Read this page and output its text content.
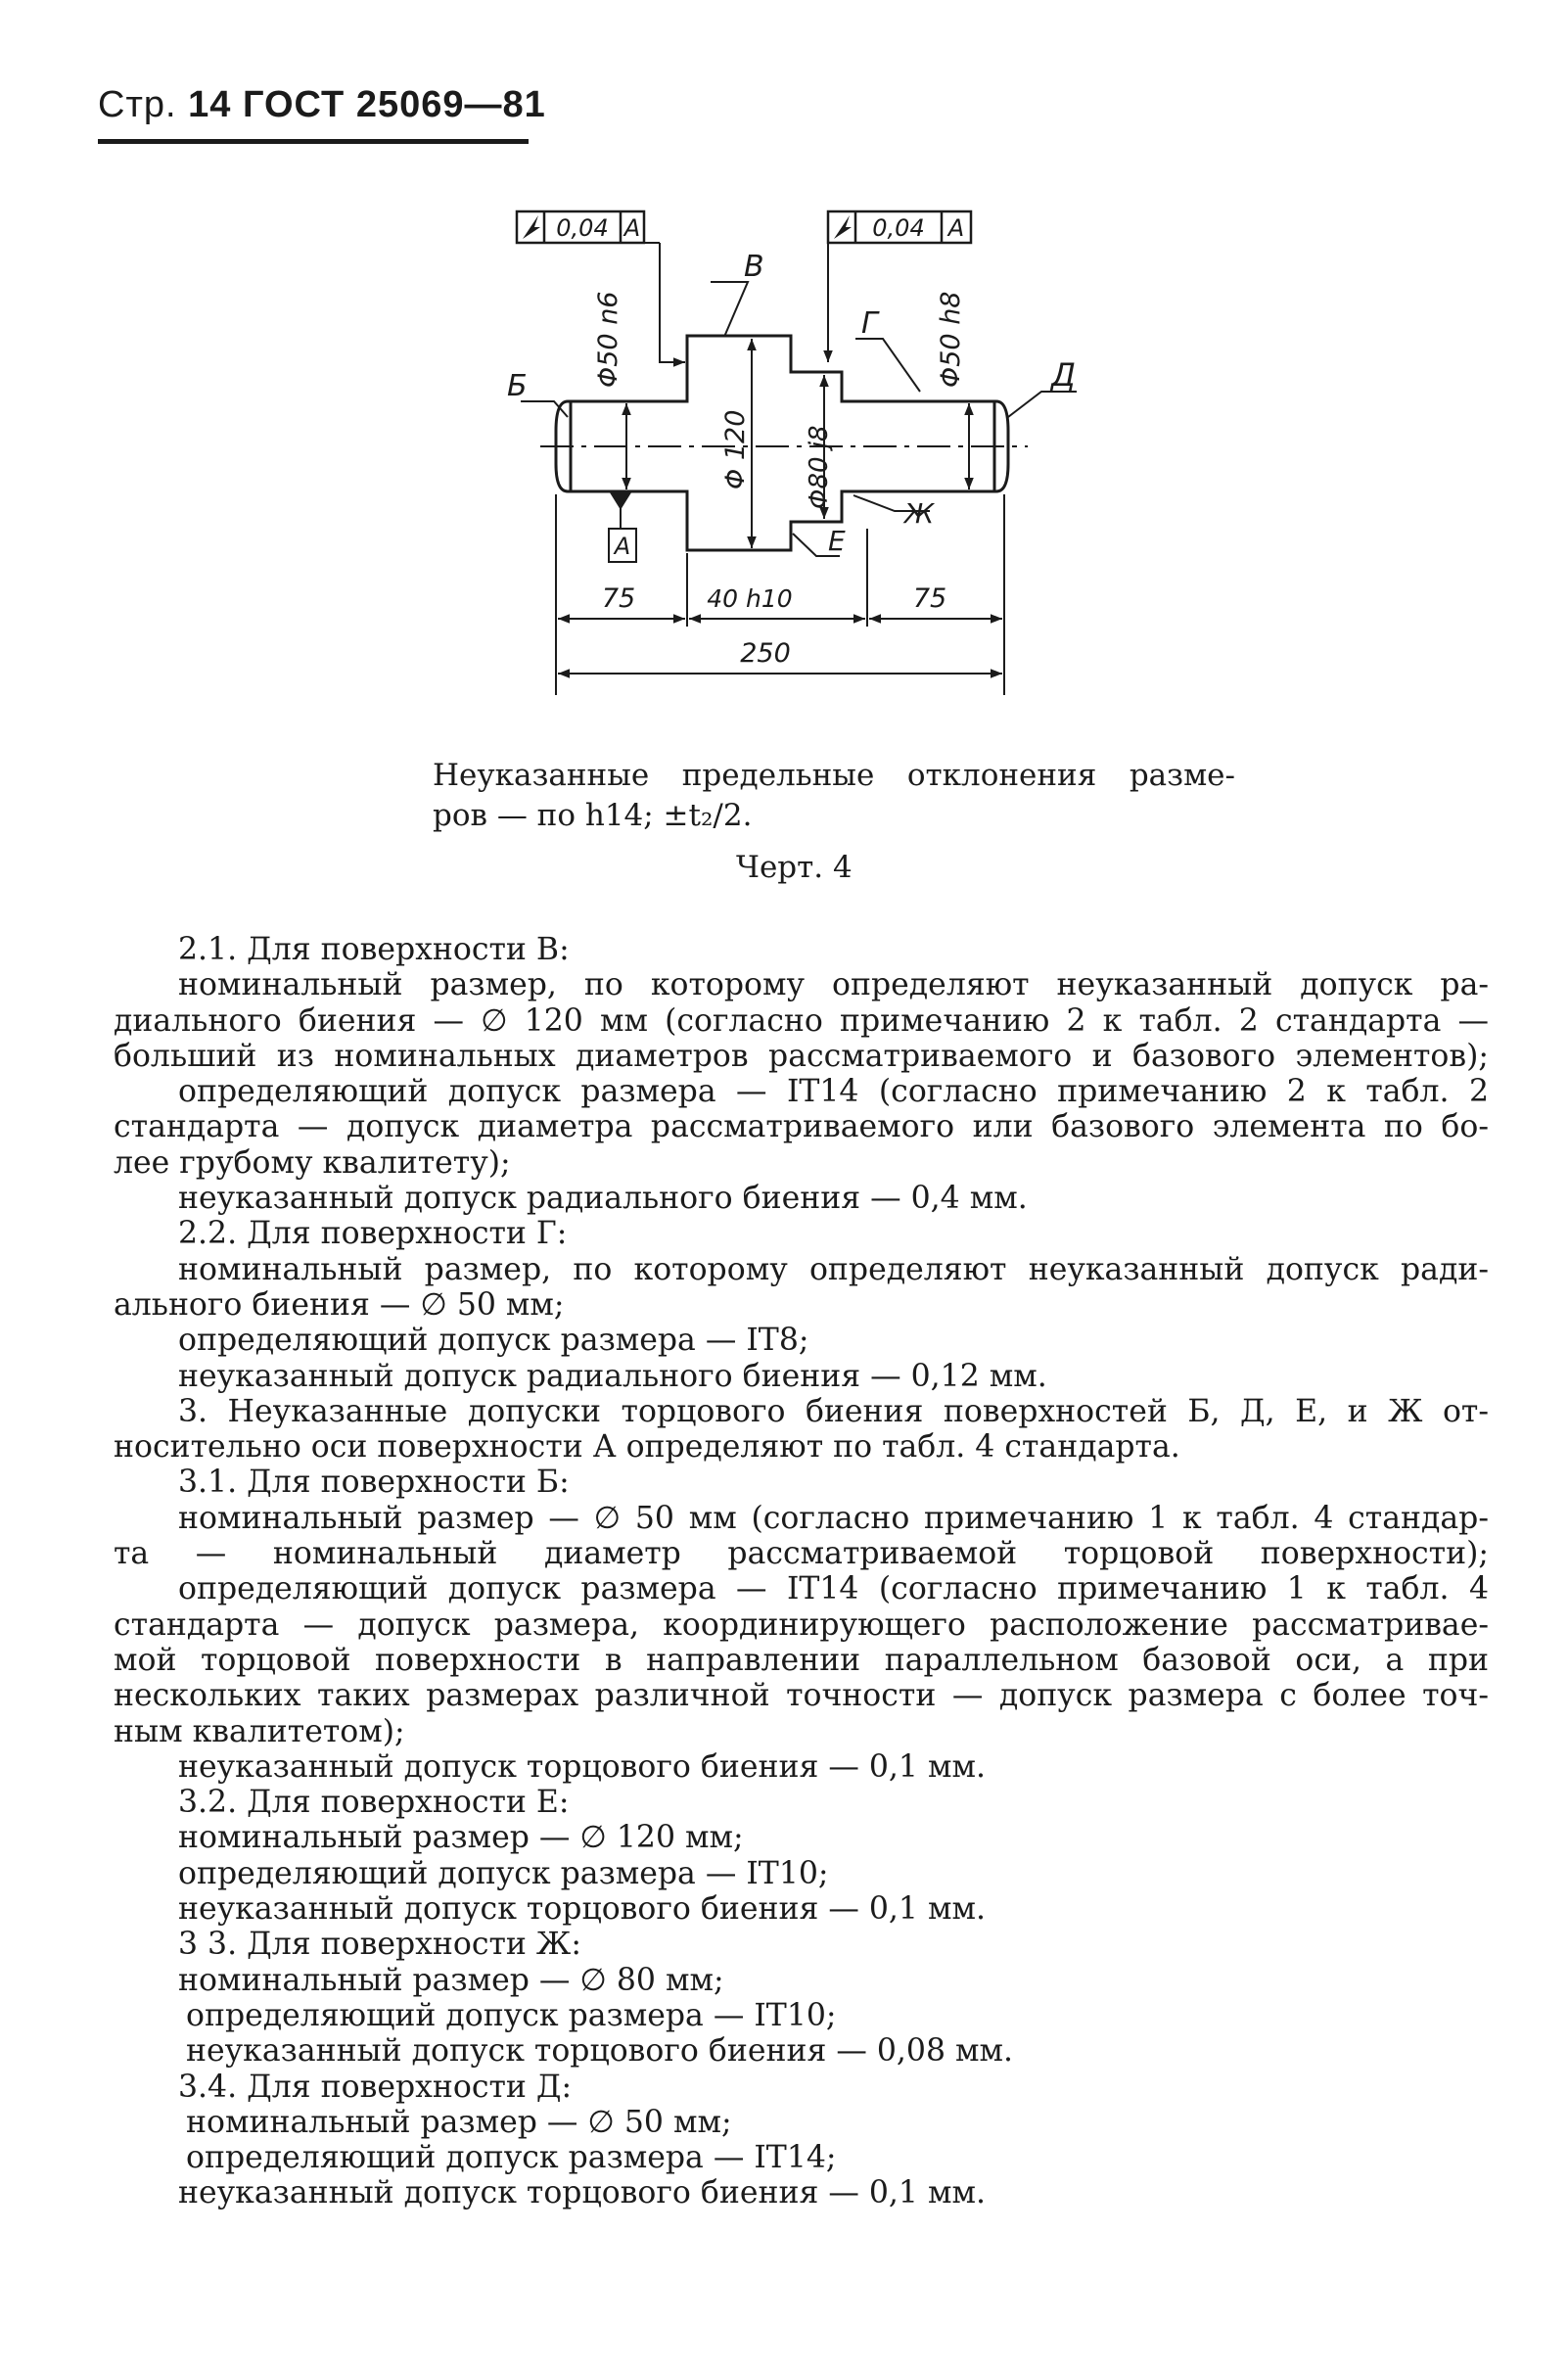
Стр. 14 ГОСТ 25069—81
0,04 А	0,04 А
А
В
Г
Д
Б
Е
Ж
Φ50 n6
Φ 120 Φ80 j8
Φ50 h8
75	40 h10	75
250
Неуказанные предельные отклонения разме-
ров — по h14; ±t₂/2.
Черт. 4

2.1. Для поверхности В:

номинальный размер, по которому определяют неуказанный допуск ра-

диального биения — ∅ 120 мм (согласно примечанию 2 к табл. 2 стандарта —

больший из номинальных диаметров рассматриваемого и базового элементов);

определяющий допуск размера — IT14 (согласно примечанию 2 к табл. 2

стандарта — допуск диаметра рассматриваемого или базового элемента по бо-

лее грубому квалитету);

неуказанный допуск радиального биения — 0,4 мм.

2.2. Для поверхности Г:

номинальный размер, по которому определяют неуказанный допуск ради-

ального биения — ∅ 50 мм;

определяющий допуск размера — IT8;

неуказанный допуск радиального биения — 0,12 мм.

3. Неуказанные допуски торцового биения поверхностей Б, Д, Е, и Ж от-

носительно оси поверхности А определяют по табл. 4 стандарта.

3.1. Для поверхности Б:

номинальный размер — ∅ 50 мм (согласно примечанию 1 к табл. 4 стандар-

та — номинальный диаметр рассматриваемой торцовой поверхности);

определяющий допуск размера — IT14 (согласно примечанию 1 к табл. 4

стандарта — допуск размера, координирующего расположение рассматривае-

мой торцовой поверхности в направлении параллельном базовой оси, а при

нескольких таких размерах различной точности — допуск размера с более точ-

ным квалитетом);

неуказанный допуск торцового биения — 0,1 мм.

3.2. Для поверхности Е:

номинальный размер — ∅ 120 мм;

определяющий допуск размера — IT10;

неуказанный допуск торцового биения — 0,1 мм.

3 3. Для поверхности Ж:

номинальный размер — ∅ 80 мм;

определяющий допуск размера — IT10;

неуказанный допуск торцового биения — 0,08 мм.

3.4. Для поверхности Д:

номинальный размер — ∅ 50 мм;

определяющий допуск размера — IT14;

неуказанный допуск торцового биения — 0,1 мм.
